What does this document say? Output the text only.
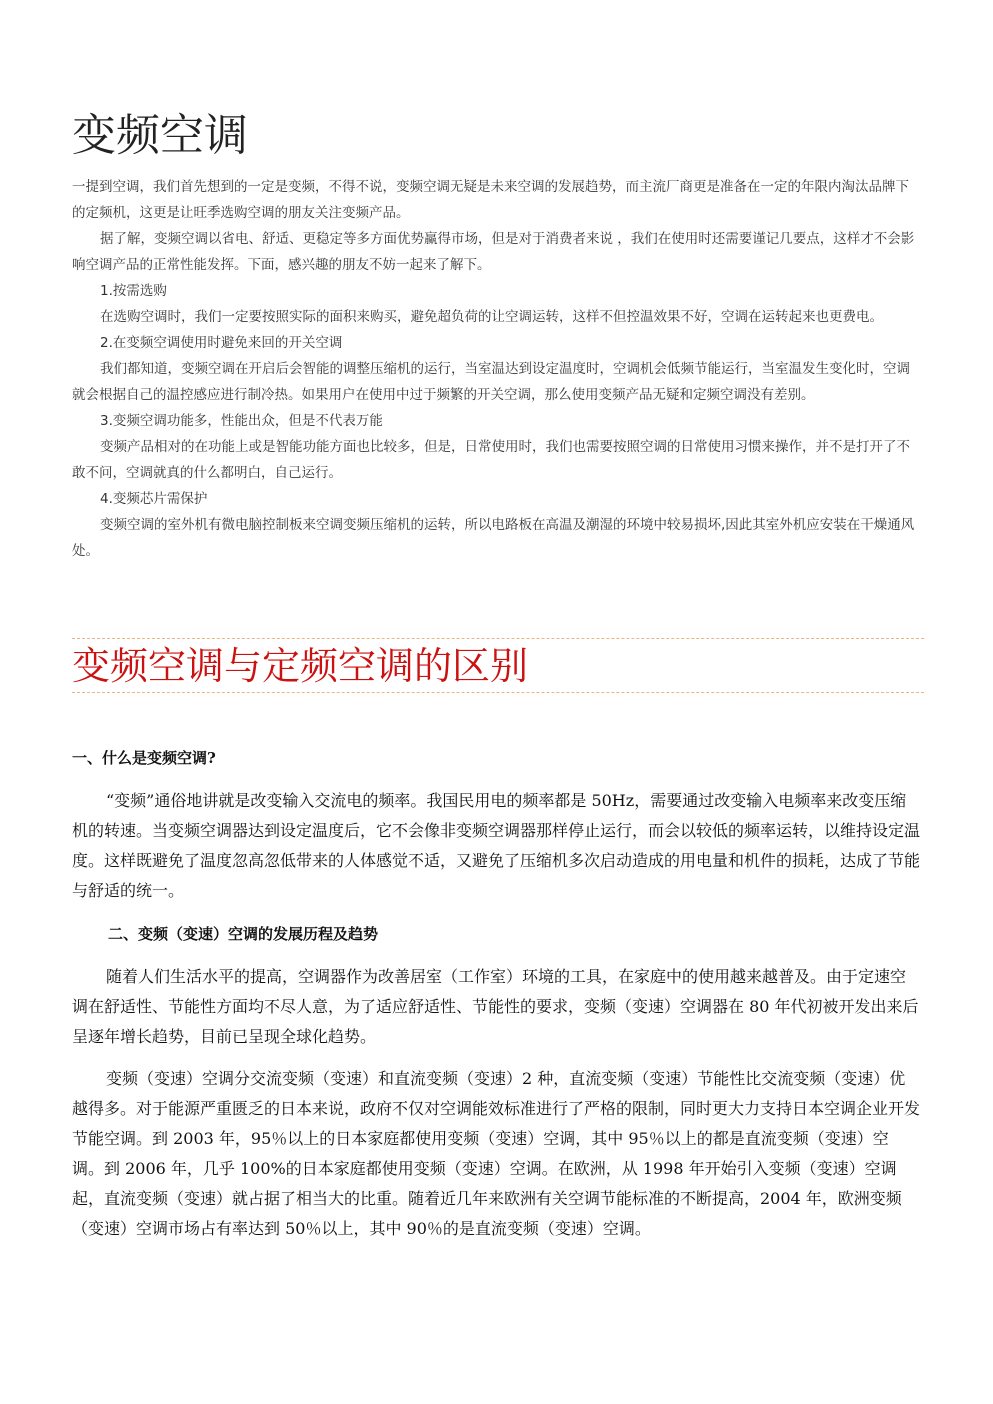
变频空调

一提到空调，我们首先想到的一定是变频，不得不说，变频空调无疑是未来空调的发展趋势，而主流厂商更是准备在一定的年限内淘汰品牌下的定频机，这更是让旺季选购空调的朋友关注变频产品。

据了解，变频空调以省电、舒适、更稳定等多方面优势赢得市场，但是对于消费者来说 ，我们在使用时还需要谨记几要点，这样才不会影响空调产品的正常性能发挥。下面，感兴趣的朋友不妨一起来了解下。

1.按需选购

在选购空调时，我们一定要按照实际的面积来购买，避免超负荷的让空调运转，这样不但控温效果不好，空调在运转起来也更费电。

2.在变频空调使用时避免来回的开关空调

我们都知道，变频空调在开启后会智能的调整压缩机的运行，当室温达到设定温度时，空调机会低频节能运行，当室温发生变化时，空调就会根据自己的温控感应进行制冷热。如果用户在使用中过于频繁的开关空调，那么使用变频产品无疑和定频空调没有差别。

3.变频空调功能多，性能出众，但是不代表万能

变频产品相对的在功能上或是智能功能方面也比较多，但是，日常使用时，我们也需要按照空调的日常使用习惯来操作，并不是打开了不敢不问，空调就真的什么都明白，自己运行。

4.变频芯片需保护

变频空调的室外机有微电脑控制板来空调变频压缩机的运转，所以电路板在高温及潮湿的环境中较易损坏,因此其室外机应安装在干燥通风处。

变频空调与定频空调的区别
一、什么是变频空调?

“变频”通俗地讲就是改变输入交流电的频率。我国民用电的频率都是 50Hz，需要通过改变输入电频率来改变压缩机的转速。当变频空调器达到设定温度后，它不会像非变频空调器那样停止运行，而会以较低的频率运转，以维持设定温度。这样既避免了温度忽高忽低带来的人体感觉不适，又避免了压缩机多次启动造成的用电量和机件的损耗，达成了节能与舒适的统一。

二、变频（变速）空调的发展历程及趋势

随着人们生活水平的提高，空调器作为改善居室（工作室）环境的工具，在家庭中的使用越来越普及。由于定速空调在舒适性、节能性方面均不尽人意，为了适应舒适性、节能性的要求，变频（变速）空调器在 80 年代初被开发出来后呈逐年增长趋势，目前已呈现全球化趋势。

变频（变速）空调分交流变频（变速）和直流变频（变速）2 种，直流变频（变速）节能性比交流变频（变速）优越得多。对于能源严重匮乏的日本来说，政府不仅对空调能效标准进行了严格的限制，同时更大力支持日本空调企业开发节能空调。到 2003 年，95％以上的日本家庭都使用变频（变速）空调，其中 95％以上的都是直流变频（变速）空调。到 2006 年，几乎 100%的日本家庭都使用变频（变速）空调。在欧洲，从 1998 年开始引入变频（变速）空调起，直流变频（变速）就占据了相当大的比重。随着近几年来欧洲有关空调节能标准的不断提高，2004 年，欧洲变频（变速）空调市场占有率达到 50％以上，其中 90％的是直流变频（变速）空调。
